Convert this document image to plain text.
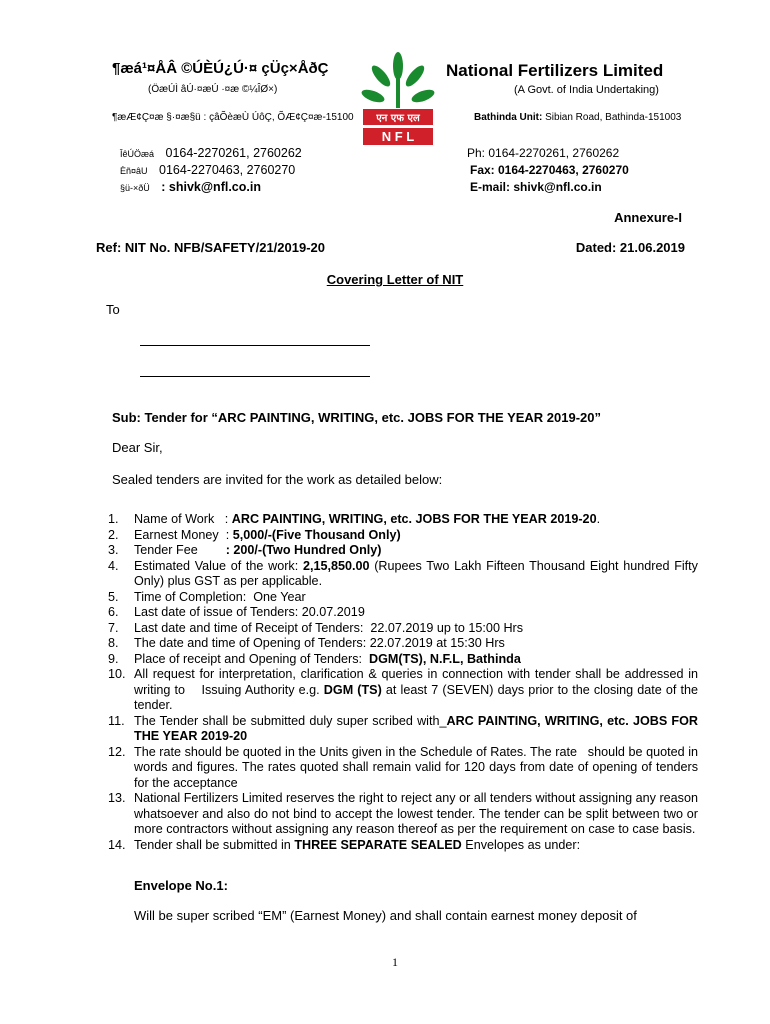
¶æá¹¤ÅÂ ©ÚÈÚ¿Ú·¤ çÜç×ÅðÇ
(ÖæÚÌ âÚ·¤æÚ ·¤æ ©¼ÎØ×)
¶æÆ¢Ç¤æ §·¤æ§ü : çâÕèæÙ ÚôÇ, ÕÆ¢Ç¤æ-15100
ÎêÚÖæá 0164-2270261, 2760262
Èñ¤âU 0164-2270463, 2760270
§ü-×ðÜ : shivk@nfl.co.in
एन एफ एल
N F L
National Fertilizers Limited
(A Govt. of India Undertaking)
Bathinda Unit: Sibian Road, Bathinda-151003
Ph: 0164-2270261, 2760262
Fax: 0164-2270463, 2760270
E-mail: shivk@nfl.co.in
Annexure-I
Ref: NIT No. NFB/SAFETY/21/2019-20	Dated: 21.06.2019
Covering Letter of NIT
To
Sub: Tender for “ARC PAINTING, WRITING, etc. JOBS FOR THE YEAR 2019-20”
Dear Sir,
Sealed tenders are invited for the work as detailed below:
1. Name of Work   : ARC PAINTING, WRITING, etc. JOBS FOR THE YEAR 2019-20.
2. Earnest Money  : 5,000/-(Five Thousand Only)
3. Tender Fee        : 200/-(Two Hundred Only)
4. Estimated Value of the work: 2,15,850.00 (Rupees Two Lakh Fifteen Thousand Eight hundred Fifty Only) plus GST as per applicable.
5. Time of Completion:  One Year
6. Last date of issue of Tenders: 20.07.2019
7. Last date and time of Receipt of Tenders:  22.07.2019 up to 15:00 Hrs
8. The date and time of Opening of Tenders: 22.07.2019 at 15:30 Hrs
9. Place of receipt and Opening of Tenders:  DGM(TS), N.F.L, Bathinda
10. All request for interpretation, clarification & queries in connection with tender shall be addressed in writing to    Issuing Authority e.g. DGM (TS) at least 7 (SEVEN) days prior to the closing date of the tender.
11. The Tender shall be submitted duly super scribed with_ARC PAINTING, WRITING, etc. JOBS FOR THE YEAR 2019-20
12. The rate should be quoted in the Units given in the Schedule of Rates. The rate   should be quoted in words and figures. The rates quoted shall remain valid for 120 days from date of opening of tenders for the acceptance
13. National Fertilizers Limited reserves the right to reject any or all tenders without assigning any reason whatsoever and also do not bind to accept the lowest tender. The tender can be split between two or more contractors without assigning any reason thereof as per the requirement on case to case basis.
14. Tender shall be submitted in THREE SEPARATE SEALED Envelopes as under:
Envelope No.1:
Will be super scribed “EM” (Earnest Money) and shall contain earnest money deposit of
1
